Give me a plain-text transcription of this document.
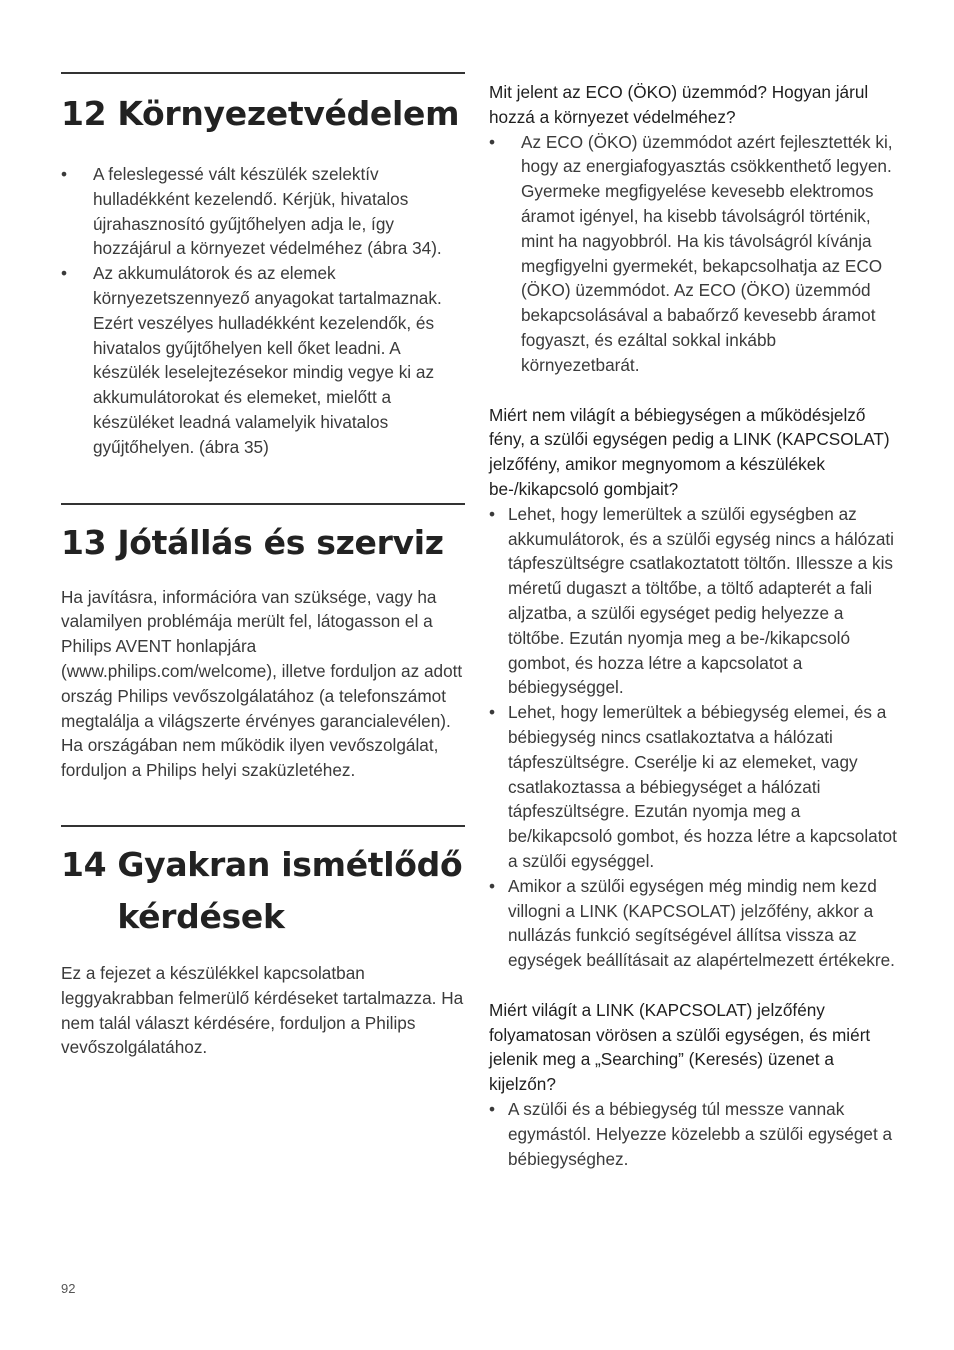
12 Környezetvédelem
• A feleslegessé vált készülék szelektív hulladékként kezelendő. Kérjük, hivatalos újrahasznosító gyűjtőhelyen adja le, így hozzájárul a környezet védelméhez (ábra 34).
• Az akkumulátorok és az elemek környezetszennyező anyagokat tartalmaznak. Ezért veszélyes hulladékként kezelendők, és hivatalos gyűjtőhelyen kell őket leadni. A készülék leselejtezésekor mindig vegye ki az akkumulátorokat és elemeket, mielőtt a készüléket leadná valamelyik hivatalos gyűjtőhelyen. (ábra 35)
13 Jótállás és szerviz

Ha javításra, információra van szüksége, vagy ha valamilyen problémája merült fel, látogasson el a Philips AVENT honlapjára (www.philips.com/welcome), illetve forduljon az adott ország Philips vevőszolgálatához (a telefonszámot megtalálja a világszerte érvényes garancialevélen). Ha országában nem működik ilyen vevőszolgálat, forduljon a Philips helyi szaküzletéhez.

14 Gyakran ismétlődő kérdések

Ez a fejezet a készülékkel kapcsolatban leggyakrabban felmerülő kérdéseket tartalmazza. Ha nem talál választ kérdésére, forduljon a Philips vevőszolgálatához.

Mit jelent az ECO (ÖKO) üzemmód? Hogyan járul hozzá a környezet védelméhez?

• Az ECO (ÖKO) üzemmódot azért fejlesztették ki, hogy az energiafogyasztás csökkenthető legyen. Gyermeke megfigyelése kevesebb elektromos áramot igényel, ha kisebb távolságról történik, mint ha nagyobbról. Ha kis távolságról kívánja megfigyelni gyermekét, bekapcsolhatja az ECO (ÖKO) üzemmódot. Az ECO (ÖKO) üzemmód bekapcsolásával a babaőrző kevesebb áramot fogyaszt, és ezáltal sokkal inkább környezetbarát.

Miért nem világít a bébiegységen a működésjelző fény, a szülői egységen pedig a LINK (KAPCSOLAT) jelzőfény, amikor megnyomom a készülékek be-/kikapcsoló gombjait?

• Lehet, hogy lemerültek a szülői egységben az akkumulátorok, és a szülői egység nincs a hálózati tápfeszültségre csatlakoztatott töltőn. Illessze a kis méretű dugaszt a töltőbe, a töltő adapterét a fali aljzatba, a szülői egységet pedig helyezze a töltőbe. Ezután nyomja meg a be-/kikapcsoló gombot, és hozza létre a kapcsolatot a bébiegységgel.
• Lehet, hogy lemerültek a bébiegység elemei, és a bébiegység nincs csatlakoztatva a hálózati tápfeszültségre. Cserélje ki az elemeket, vagy csatlakoztassa a bébiegységet a hálózati tápfeszültségre. Ezután nyomja meg a be/kikapcsoló gombot, és hozza létre a kapcsolatot a szülői egységgel.
• Amikor a szülői egységen még mindig nem kezd villogni a LINK (KAPCSOLAT) jelzőfény, akkor a nullázás funkció segítségével állítsa vissza az egységek beállításait az alapértelmezett értékekre.

Miért világít a LINK (KAPCSOLAT) jelzőfény folyamatosan vörösen a szülői egységen, és miért jelenik meg a „Searching” (Keresés) üzenet a kijelzőn?

• A szülői és a bébiegység túl messze vannak egymástól. Helyezze közelebb a szülői egységet a bébiegységhez.
92
